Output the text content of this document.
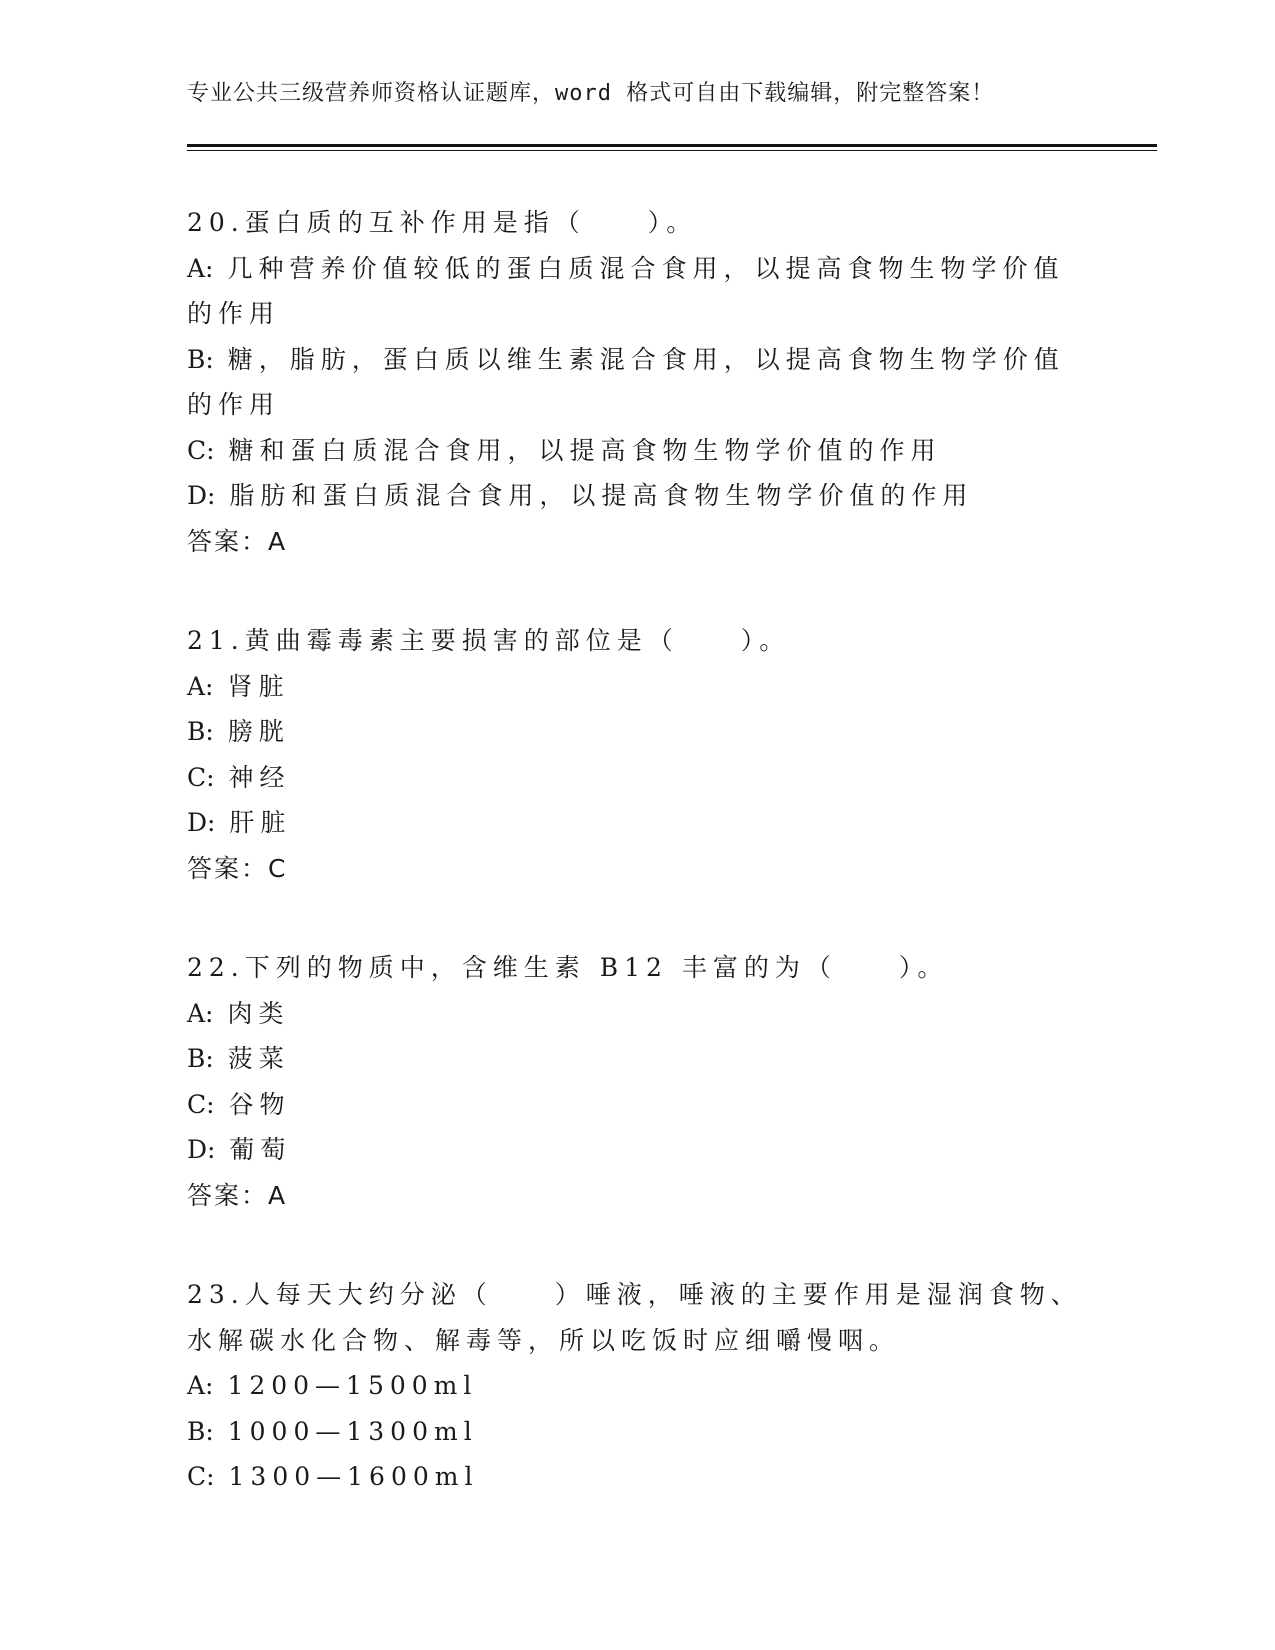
专业公共三级营养师资格认证题库，word 格式可自由下载编辑，附完整答案！
20.蛋白质的互补作用是指（　　）。
A: 几种营养价值较低的蛋白质混合食用，以提高食物生物学价值的作用
B: 糖，脂肪，蛋白质以维生素混合食用，以提高食物生物学价值的作用
C: 糖和蛋白质混合食用，以提高食物生物学价值的作用
D: 脂肪和蛋白质混合食用，以提高食物生物学价值的作用
答案：A
21.黄曲霉毒素主要损害的部位是（　　）。
A: 肾脏
B: 膀胱
C: 神经
D: 肝脏
答案：C
22.下列的物质中，含维生素 B12 丰富的为（　　）。
A: 肉类
B: 菠菜
C: 谷物
D: 葡萄
答案：A
23.人每天大约分泌（　　）唾液，唾液的主要作用是湿润食物、水解碳水化合物、解毒等，所以吃饭时应细嚼慢咽。
A: 1200—1500ml
B: 1000—1300ml
C: 1300—1600ml
